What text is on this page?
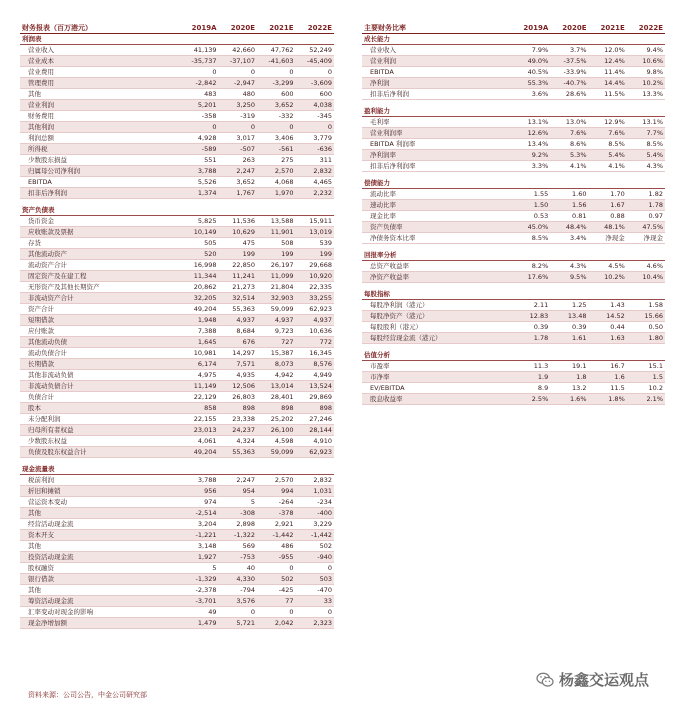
财务报表（百万港元）	2019A	2020E	2021E	2022E
利润表				
营业收入	41,139	42,660	47,762	52,249
营业成本	-35,737	-37,107	-41,603	-45,409
营业费用	0	0	0	0
管理费用	-2,842	-2,947	-3,299	-3,609
其他	483	480	600	600
营业利润	5,201	3,250	3,652	4,038
财务费用	-358	-319	-332	-345
其他利润	0	0	0	0
利润总额	4,928	3,017	3,406	3,779
所得税	-589	-507	-561	-636
少数股东损益	551	263	275	311
归属母公司净利润	3,788	2,247	2,570	2,832
EBITDA	5,526	3,652	4,068	4,465
扣非后净利润	1,374	1,767	1,970	2,232

资产负债表				
货币资金	5,825	11,536	13,588	15,911
应收账款及票据	10,149	10,629	11,901	13,019
存货	505	475	508	539
其他流动资产	520	199	199	199
流动资产合计	16,998	22,850	26,197	29,668
固定资产及在建工程	11,344	11,241	11,099	10,920
无形资产及其他长期资产	20,862	21,273	21,804	22,335
非流动资产合计	32,205	32,514	32,903	33,255
资产合计	49,204	55,363	59,099	62,923
短期借款	1,948	4,937	4,937	4,937
应付账款	7,388	8,684	9,723	10,636
其他流动负债	1,645	676	727	772
流动负债合计	10,981	14,297	15,387	16,345
长期借款	6,174	7,571	8,073	8,576
其他非流动负债	4,975	4,935	4,942	4,949
非流动负债合计	11,149	12,506	13,014	13,524
负债合计	22,129	26,803	28,401	29,869
股本	858	898	898	898
未分配利润	22,155	23,338	25,202	27,246
归母所有者权益	23,013	24,237	26,100	28,144
少数股东权益	4,061	4,324	4,598	4,910
负债及股东权益合计	49,204	55,363	59,099	62,923

现金流量表				
税前利润	3,788	2,247	2,570	2,832
折旧和摊销	956	954	994	1,031
营运资本变动	974	5	-264	-234
其他	-2,514	-308	-378	-400
经营活动现金流	3,204	2,898	2,921	3,229
资本开支	-1,221	-1,322	-1,442	-1,442
其他	3,148	569	486	502
投资活动现金流	1,927	-753	-955	-940
股权融资	5	40	0	0
银行借款	-1,329	4,330	502	503
其他	-2,378	-794	-425	-470
筹资活动现金流	-3,701	3,576	77	33
汇率变动对现金的影响	49	0	0	0
现金净增加额	1,479	5,721	2,042	2,323
主要财务比率	2019A	2020E	2021E	2022E
成长能力				
营业收入	7.9%	3.7%	12.0%	9.4%
营业利润	49.0%	-37.5%	12.4%	10.6%
EBITDA	40.5%	-33.9%	11.4%	9.8%
净利润	55.3%	-40.7%	14.4%	10.2%
扣非后净利润	3.6%	28.6%	11.5%	13.3%

盈利能力				
毛利率	13.1%	13.0%	12.9%	13.1%
营业利润率	12.6%	7.6%	7.6%	7.7%
EBITDA 利润率	13.4%	8.6%	8.5%	8.5%
净利润率	9.2%	5.3%	5.4%	5.4%
扣非后净利润率	3.3%	4.1%	4.1%	4.3%

偿债能力				
流动比率	1.55	1.60	1.70	1.82
速动比率	1.50	1.56	1.67	1.78
现金比率	0.53	0.81	0.88	0.97
资产负债率	45.0%	48.4%	48.1%	47.5%
净债务资本比率	8.5%	3.4%	净现金	净现金

回报率分析				
总资产收益率	8.2%	4.3%	4.5%	4.6%
净资产收益率	17.6%	9.5%	10.2%	10.4%

每股指标				
每股净利润（港元）	2.11	1.25	1.43	1.58
每股净资产（港元）	12.83	13.48	14.52	15.66
每股股利（港元）	0.39	0.39	0.44	0.50
每股经营现金流（港元）	1.78	1.61	1.63	1.80

估值分析				
市盈率	11.3	19.1	16.7	15.1
市净率	1.9	1.8	1.6	1.5
EV/EBITDA	8.9	13.2	11.5	10.2
股息收益率	2.5%	1.6%	1.8%	2.1%
资料来源：公司公告，中金公司研究部
杨鑫交运观点
